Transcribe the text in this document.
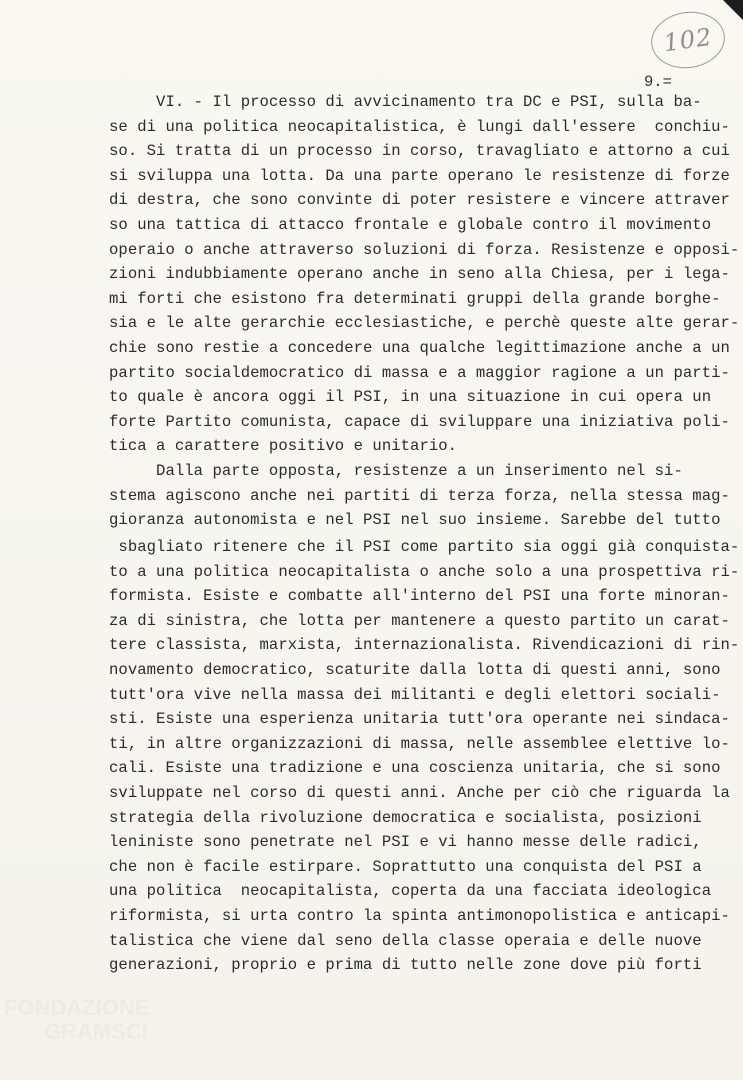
102
9.=
VI. - Il processo di avvicinamento tra DC e PSI, sulla ba-
se di una politica neocapitalistica, è lungi dall'essere  conchiu-
so. Si tratta di un processo in corso, travagliato e attorno a cui
si sviluppa una lotta. Da una parte operano le resistenze di forze
di destra, che sono convinte di poter resistere e vincere attraver
so una tattica di attacco frontale e globale contro il movimento
operaio o anche attraverso soluzioni di forza. Resistenze e opposi-
zioni indubbiamente operano anche in seno alla Chiesa, per i lega-
mi forti che esistono fra determinati gruppi della grande borghe-
sia e le alte gerarchie ecclesiastiche, e perchè queste alte gerar-
chie sono restie a concedere una qualche legittimazione anche a un
partito socialdemocratico di massa e a maggior ragione a un parti-
to quale è ancora oggi il PSI, in una situazione in cui opera un
forte Partito comunista, capace di sviluppare una iniziativa poli-
tica a carattere positivo e unitario.
Dalla parte opposta, resistenze a un inserimento nel si-
stema agiscono anche nei partiti di terza forza, nella stessa mag-
gioranza autonomista e nel PSI nel suo insieme. Sarebbe del tutto
sbagliato ritenere che il PSI come partito sia oggi già conquista-
to a una politica neocapitalista o anche solo a una prospettiva ri-
formista. Esiste e combatte all'interno del PSI una forte minoran-
za di sinistra, che lotta per mantenere a questo partito un carat-
tere classista, marxista, internazionalista. Rivendicazioni di rin-
novamento democratico, scaturite dalla lotta di questi anni, sono
tutt'ora vive nella massa dei militanti e degli elettori sociali-
sti. Esiste una esperienza unitaria tutt'ora operante nei sindaca-
ti, in altre organizzazioni di massa, nelle assemblee elettive lo-
cali. Esiste una tradizione e una coscienza unitaria, che si sono
sviluppate nel corso di questi anni. Anche per ciò che riguarda la
strategia della rivoluzione democratica e socialista, posizioni
leniniste sono penetrate nel PSI e vi hanno messe delle radici,
che non è facile estirpare. Soprattutto una conquista del PSI a
una politica  neocapitalista, coperta da una facciata ideologica
riformista, si urta contro la spinta antimonopolistica e anticapi-
talistica che viene dal seno della classe operaia e delle nuove
generazioni, proprio e prima di tutto nelle zone dove più forti
FONDAZIONE
GRAMSCI
